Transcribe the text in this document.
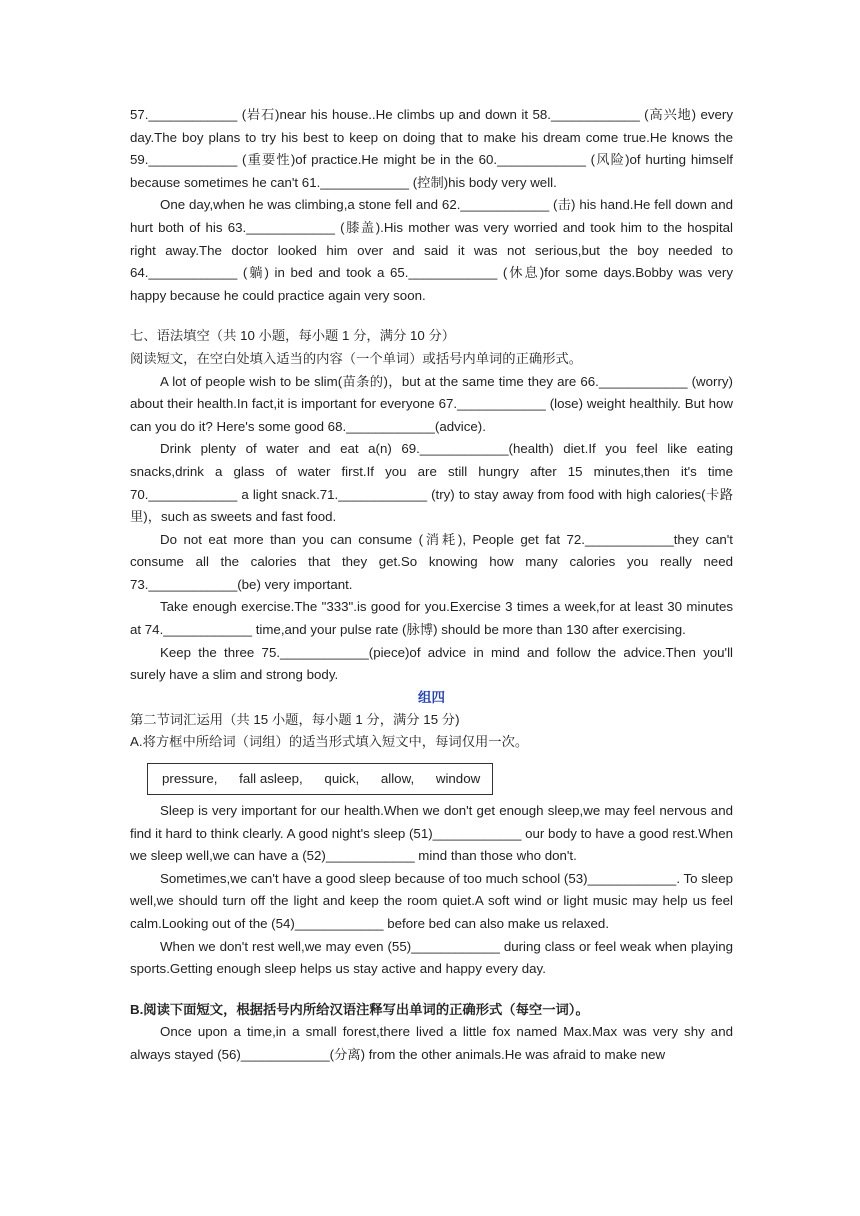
57.____________ (岩石)near his house..He climbs up and down it 58.____________ (高兴地) every day.The boy plans to try his best to keep on doing that to make his dream come true.He knows the 59.____________ (重要性)of practice.He might be in the 60.____________ (风险)of hurting himself because sometimes he can't 61.____________ (控制)his body very well.

One day,when he was climbing,a stone fell and 62.____________ (击) his hand.He fell down and hurt both of his 63.____________ (膝盖).His mother was very worried and took him to the hospital right away.The doctor looked him over and said it was not serious,but the boy needed to 64.____________ (躺) in bed and took a 65.____________ (休息)for some days.Bobby was very happy because he could practice again very soon.

七、语法填空（共 10 小题，每小题 1 分，满分 10 分）

阅读短文，在空白处填入适当的内容（一个单词）或括号内单词的正确形式。

A lot of people wish to be slim(苗条的)，but at the same time they are 66.____________ (worry) about their health.In fact,it is important for everyone 67.____________ (lose) weight healthily. But how can you do it? Here's some good 68.____________(advice).

Drink plenty of water and eat a(n) 69.____________(health) diet.If you feel like eating snacks,drink a glass of water first.If you are still hungry after 15 minutes,then it's time 70.____________ a light snack.71.____________ (try) to stay away from food with high calories(卡路里)，such as sweets and fast food.

Do not eat more than you can consume (消耗), People get fat 72.____________they can't consume all the calories that they get.So knowing how many calories you really need 73.____________(be) very important.

Take enough exercise.The "333".is good for you.Exercise 3 times a week,for at least 30 minutes at 74.____________ time,and your pulse rate (脉博) should be more than 130 after exercising.

Keep the three 75.____________(piece)of advice in mind and follow the advice.Then you'll surely have a slim and strong body.

组四

第二节词汇运用（共 15 小题，每小题 1 分，满分 15 分)

A.将方框中所给词（词组）的适当形式填入短文中，每词仅用一次。

pressure, fall asleep, quick, allow, window

Sleep is very important for our health.When we don't get enough sleep,we may feel nervous and find it hard to think clearly. A good night's sleep (51)____________ our body to have a good rest.When we sleep well,we can have a (52)____________ mind than those who don't.

Sometimes,we can't have a good sleep because of too much school (53)____________. To sleep well,we should turn off the light and keep the room quiet.A soft wind or light music may help us feel calm.Looking out of the (54)____________ before bed can also make us relaxed.

When we don't rest well,we may even (55)____________ during class or feel weak when playing sports.Getting enough sleep helps us stay active and happy every day.

B.阅读下面短文，根据括号内所给汉语注释写出单词的正确形式（每空一词）。

Once upon a time,in a small forest,there lived a little fox named Max.Max was very shy and always stayed (56)____________(分离) from the other animals.He was afraid to make new
